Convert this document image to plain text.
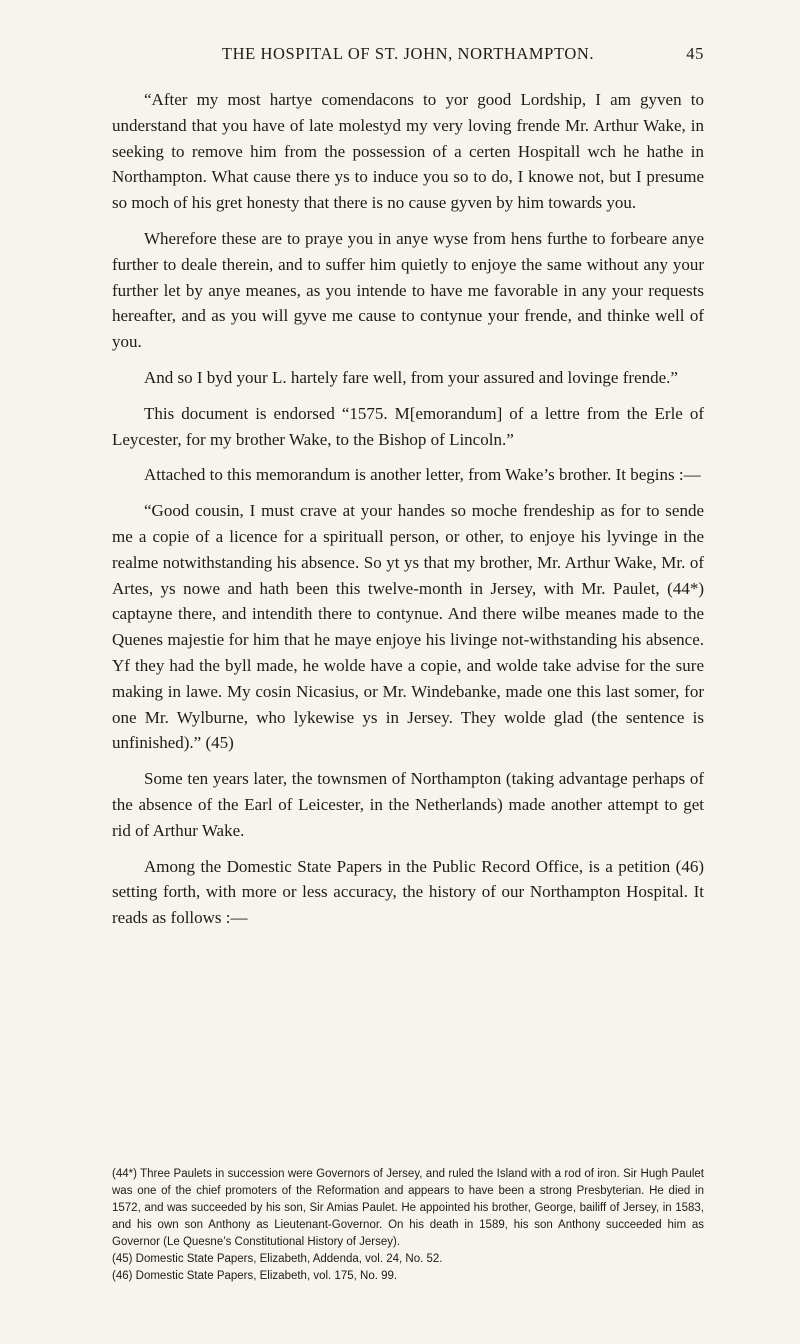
THE HOSPITAL OF ST. JOHN, NORTHAMPTON.	45

“After my most hartye comendacons to yor good Lordship, I am gyven to understand that you have of late molestyd my very loving frende Mr. Arthur Wake, in seeking to remove him from the possession of a certen Hospitall wch he hathe in Northampton. What cause there ys to induce you so to do, I knowe not, but I presume so moch of his gret honesty that there is no cause gyven by him towards you.

Wherefore these are to praye you in anye wyse from hens furthe to forbeare anye further to deale therein, and to suffer him quietly to enjoye the same without any your further let by anye meanes, as you intende to have me favorable in any your requests hereafter, and as you will gyve me cause to contynue your frende, and thinke well of you.

And so I byd your L. hartely fare well, from your assured and lovinge frende.”

This document is endorsed “1575. M[emorandum] of a lettre from the Erle of Leycester, for my brother Wake, to the Bishop of Lincoln.”

Attached to this memorandum is another letter, from Wake’s brother. It begins :—

“Good cousin, I must crave at your handes so moche frendeship as for to sende me a copie of a licence for a spirituall person, or other, to enjoye his lyvinge in the realme notwithstanding his absence. So yt ys that my brother, Mr. Arthur Wake, Mr. of Artes, ys nowe and hath been this twelve-month in Jersey, with Mr. Paulet, (44*) captayne there, and intendith there to contynue. And there wilbe meanes made to the Quenes majestie for him that he maye enjoye his livinge not-withstanding his absence. Yf they had the byll made, he wolde have a copie, and wolde take advise for the sure making in lawe. My cosin Nicasius, or Mr. Windebanke, made one this last somer, for one Mr. Wylburne, who lykewise ys in Jersey. They wolde glad (the sentence is unfinished).” (45)

Some ten years later, the townsmen of Northampton (taking advantage perhaps of the absence of the Earl of Leicester, in the Netherlands) made another attempt to get rid of Arthur Wake.

Among the Domestic State Papers in the Public Record Office, is a petition (46) setting forth, with more or less accuracy, the history of our Northampton Hospital. It reads as follows :—

(44*) Three Paulets in succession were Governors of Jersey, and ruled the Island with a rod of iron. Sir Hugh Paulet was one of the chief promoters of the Reformation and appears to have been a strong Presbyterian. He died in 1572, and was succeeded by his son, Sir Amias Paulet. He appointed his brother, George, bailiff of Jersey, in 1583, and his own son Anthony as Lieutenant-Governor. On his death in 1589, his son Anthony succeeded him as Governor (Le Quesne’s Constitutional History of Jersey).

(45) Domestic State Papers, Elizabeth, Addenda, vol. 24, No. 52.

(46) Domestic State Papers, Elizabeth, vol. 175, No. 99.
